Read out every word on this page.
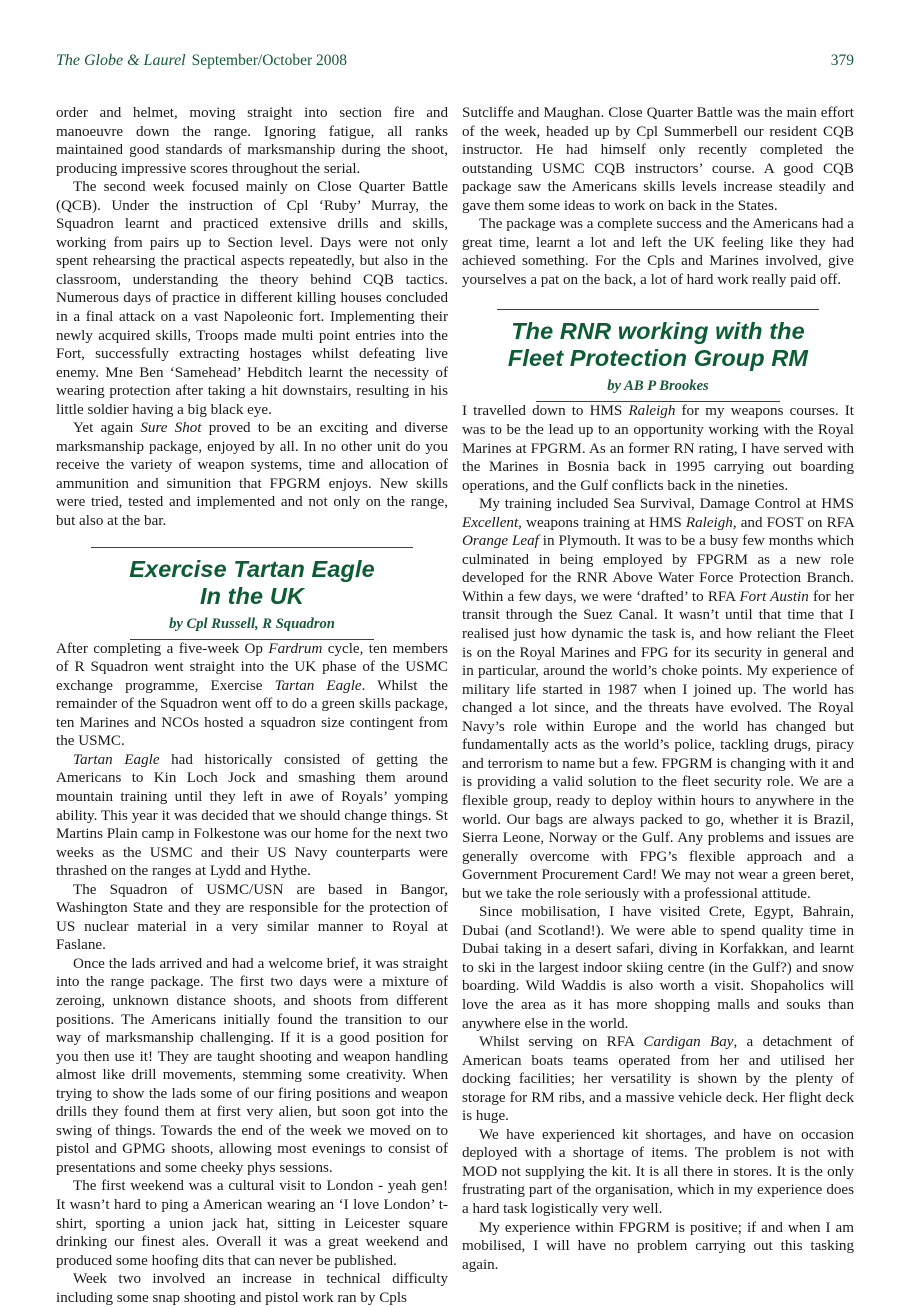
The Globe & Laurel September/October 2008	379

order and helmet, moving straight into section fire and manoeuvre down the range. Ignoring fatigue, all ranks maintained good standards of marksmanship during the shoot, producing impressive scores throughout the serial.

The second week focused mainly on Close Quarter Battle (QCB). Under the instruction of Cpl ‘Ruby’ Murray, the Squadron learnt and practiced extensive drills and skills, working from pairs up to Section level. Days were not only spent rehearsing the practical aspects repeatedly, but also in the classroom, understanding the theory behind CQB tactics. Numerous days of practice in different killing houses concluded in a final attack on a vast Napoleonic fort. Implementing their newly acquired skills, Troops made multi point entries into the Fort, successfully extracting hostages whilst defeating live enemy. Mne Ben ‘Samehead’ Hebditch learnt the necessity of wearing protection after taking a hit downstairs, resulting in his little soldier having a big black eye.

Yet again Sure Shot proved to be an exciting and diverse marksmanship package, enjoyed by all. In no other unit do you receive the variety of weapon systems, time and allocation of ammunition and simunition that FPGRM enjoys. New skills were tried, tested and implemented and not only on the range, but also at the bar.

Exercise Tartan Eagle
In the UK
by Cpl Russell, R Squadron

After completing a five-week Op Fardrum cycle, ten members of R Squadron went straight into the UK phase of the USMC exchange programme, Exercise Tartan Eagle. Whilst the remainder of the Squadron went off to do a green skills package, ten Marines and NCOs hosted a squadron size contingent from the USMC.

Tartan Eagle had historically consisted of getting the Americans to Kin Loch Jock and smashing them around mountain training until they left in awe of Royals’ yomping ability. This year it was decided that we should change things. St Martins Plain camp in Folkestone was our home for the next two weeks as the USMC and their US Navy counterparts were thrashed on the ranges at Lydd and Hythe.

The Squadron of USMC/USN are based in Bangor, Washington State and they are responsible for the protection of US nuclear material in a very similar manner to Royal at Faslane.

Once the lads arrived and had a welcome brief, it was straight into the range package. The first two days were a mixture of zeroing, unknown distance shoots, and shoots from different positions. The Americans initially found the transition to our way of marksmanship challenging. If it is a good position for you then use it! They are taught shooting and weapon handling almost like drill movements, stemming some creativity. When trying to show the lads some of our firing positions and weapon drills they found them at first very alien, but soon got into the swing of things. Towards the end of the week we moved on to pistol and GPMG shoots, allowing most evenings to consist of presentations and some cheeky phys sessions.

The first weekend was a cultural visit to London - yeah gen! It wasn’t hard to ping a American wearing an ‘I love London’ t-shirt, sporting a union jack hat, sitting in Leicester square drinking our finest ales. Overall it was a great weekend and produced some hoofing dits that can never be published.

Week two involved an increase in technical difficulty including some snap shooting and pistol work ran by Cpls

Sutcliffe and Maughan. Close Quarter Battle was the main effort of the week, headed up by Cpl Summerbell our resident CQB instructor. He had himself only recently completed the outstanding USMC CQB instructors’ course. A good CQB package saw the Americans skills levels increase steadily and gave them some ideas to work on back in the States.

The package was a complete success and the Americans had a great time, learnt a lot and left the UK feeling like they had achieved something. For the Cpls and Marines involved, give yourselves a pat on the back, a lot of hard work really paid off.

The RNR working with the
Fleet Protection Group RM
by AB P Brookes

I travelled down to HMS Raleigh for my weapons courses. It was to be the lead up to an opportunity working with the Royal Marines at FPGRM. As an former RN rating, I have served with the Marines in Bosnia back in 1995 carrying out boarding operations, and the Gulf conflicts back in the nineties.

My training included Sea Survival, Damage Control at HMS Excellent, weapons training at HMS Raleigh, and FOST on RFA Orange Leaf in Plymouth. It was to be a busy few months which culminated in being employed by FPGRM as a new role developed for the RNR Above Water Force Protection Branch. Within a few days, we were ‘drafted’ to RFA Fort Austin for her transit through the Suez Canal. It wasn’t until that time that I realised just how dynamic the task is, and how reliant the Fleet is on the Royal Marines and FPG for its security in general and in particular, around the world’s choke points. My experience of military life started in 1987 when I joined up. The world has changed a lot since, and the threats have evolved. The Royal Navy’s role within Europe and the world has changed but fundamentally acts as the world’s police, tackling drugs, piracy and terrorism to name but a few. FPGRM is changing with it and is providing a valid solution to the fleet security role. We are a flexible group, ready to deploy within hours to anywhere in the world. Our bags are always packed to go, whether it is Brazil, Sierra Leone, Norway or the Gulf. Any problems and issues are generally overcome with FPG’s flexible approach and a Government Procurement Card! We may not wear a green beret, but we take the role seriously with a professional attitude.

Since mobilisation, I have visited Crete, Egypt, Bahrain, Dubai (and Scotland!). We were able to spend quality time in Dubai taking in a desert safari, diving in Korfakkan, and learnt to ski in the largest indoor skiing centre (in the Gulf?) and snow boarding. Wild Waddis is also worth a visit. Shopaholics will love the area as it has more shopping malls and souks than anywhere else in the world.

Whilst serving on RFA Cardigan Bay, a detachment of American boats teams operated from her and utilised her docking facilities; her versatility is shown by the plenty of storage for RM ribs, and a massive vehicle deck. Her flight deck is huge.

We have experienced kit shortages, and have on occasion deployed with a shortage of items. The problem is not with MOD not supplying the kit. It is all there in stores. It is the only frustrating part of the organisation, which in my experience does a hard task logistically very well.

My experience within FPGRM is positive; if and when I am mobilised, I will have no problem carrying out this tasking again.
